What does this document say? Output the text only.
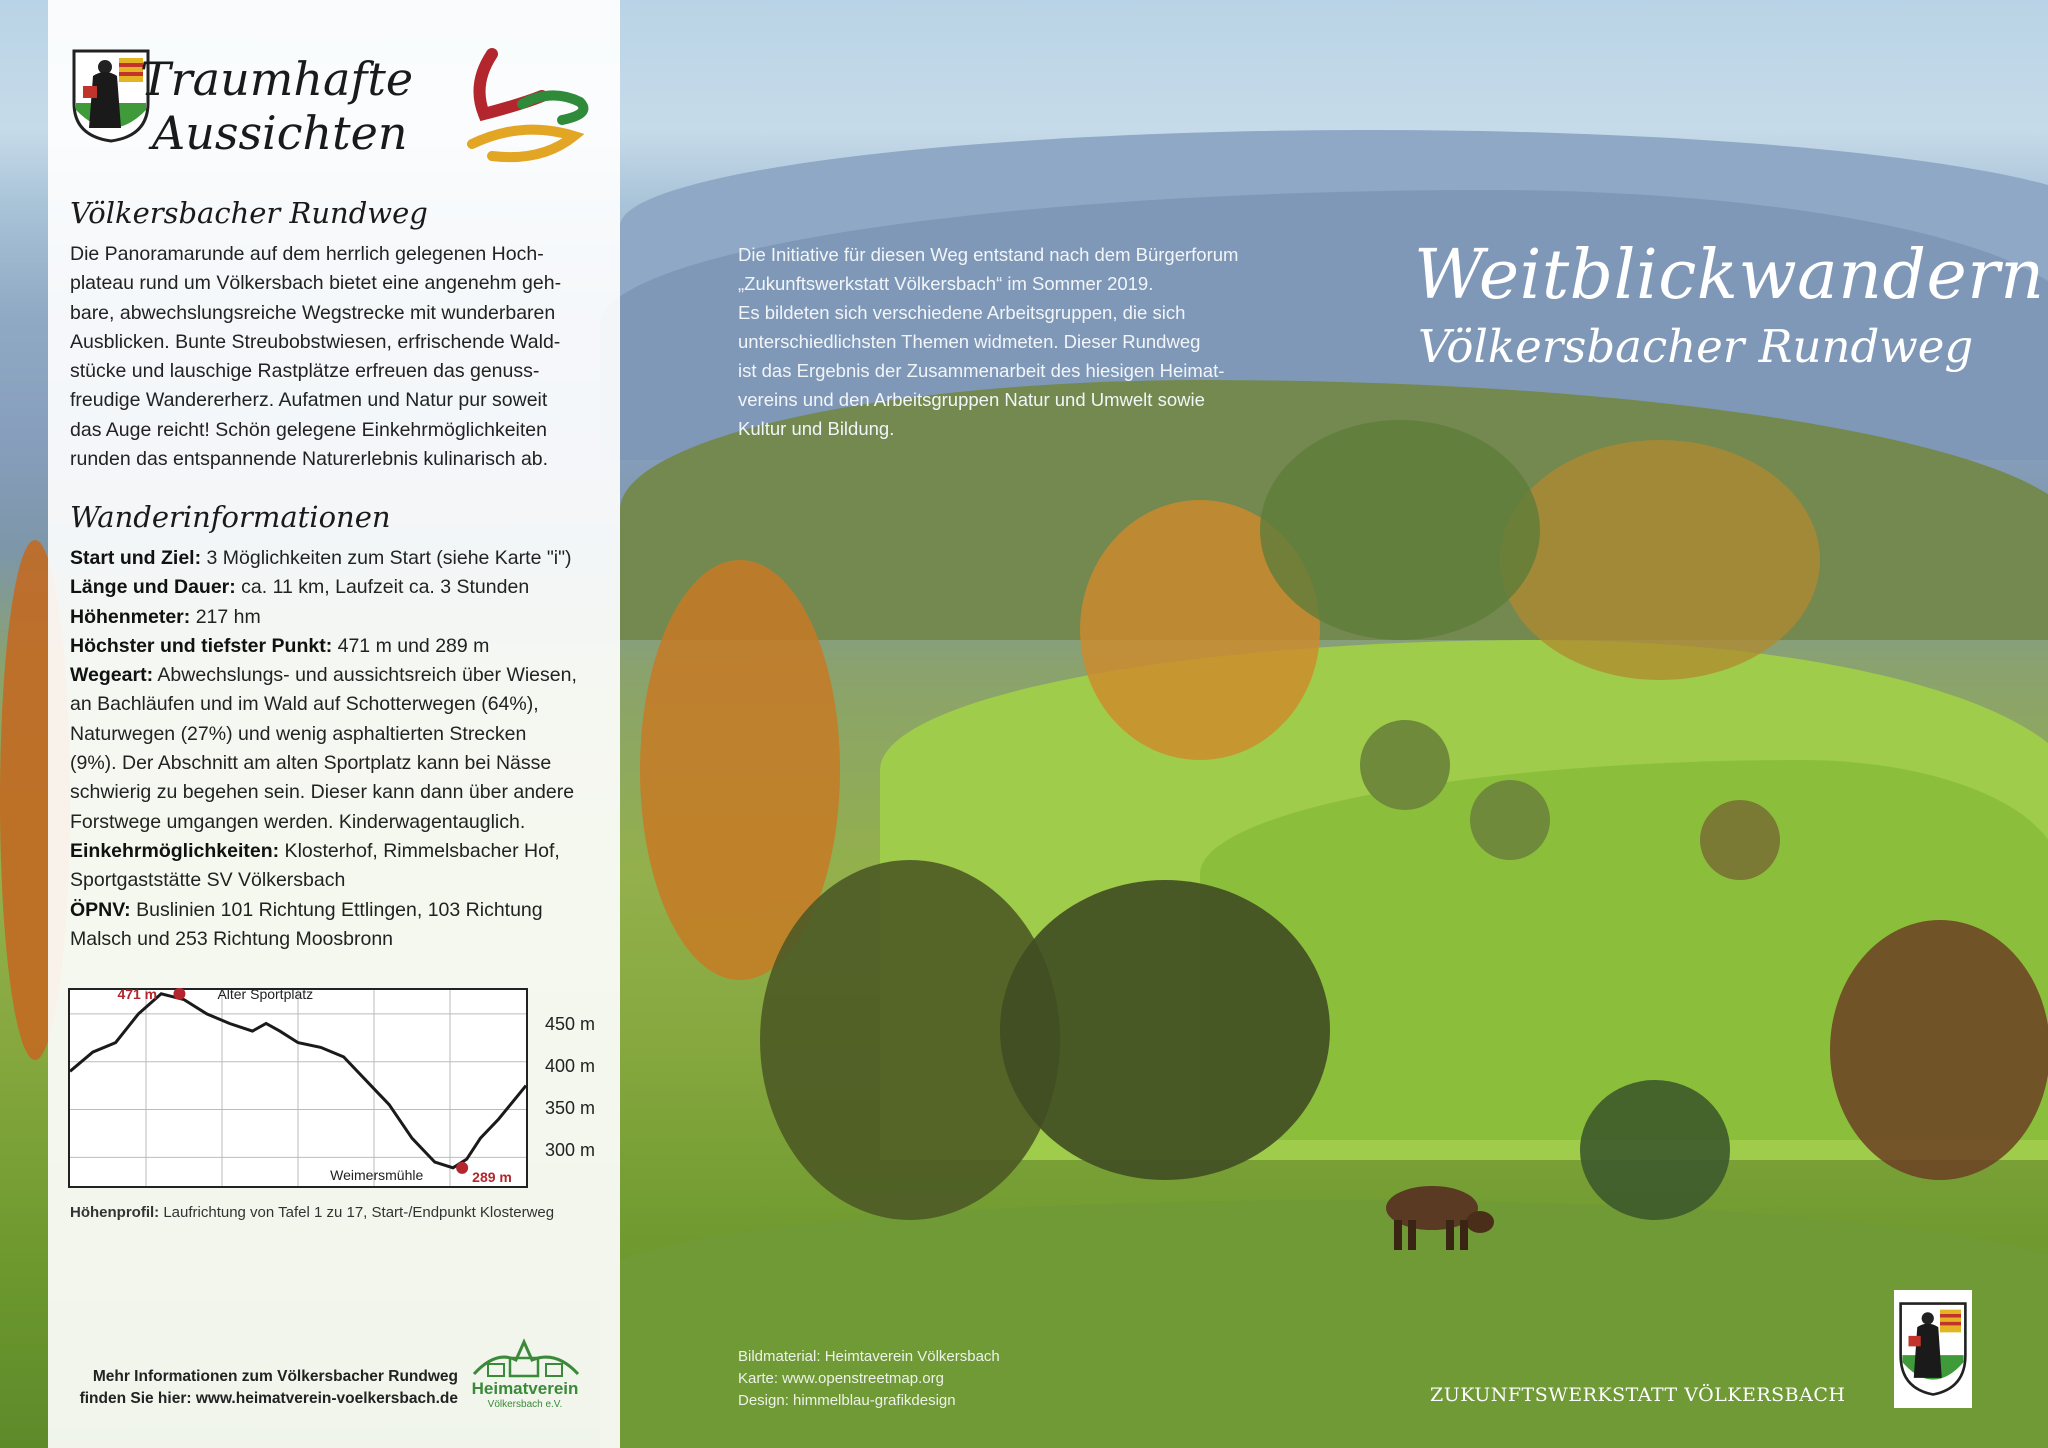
Die Initiative für diesen Weg entstand nach dem Bürgerforum
„Zukunftswerkstatt Völkersbach“ im Sommer 2019.
Es bildeten sich verschiedene Arbeitsgruppen, die sich
unterschiedlichsten Themen widmeten. Dieser Rundweg
ist das Ergebnis der Zusammenarbeit des hiesigen Heimat-
vereins und den Arbeitsgruppen Natur und Umwelt sowie
Kultur und Bildung.
Weitblickwandern
Völkersbacher Rundweg
Bildmaterial: Heimtaverein Völkersbach
Karte: www.openstreetmap.org
Design: himmelblau-grafikdesign	ZUKUNFTSWERKSTATT VÖLKERSBACH
Traumhafte
Aussichten
Völkersbacher Rundweg

Die Panoramarunde auf dem herrlich gelegenen Hoch-

plateau rund um Völkersbach bietet eine angenehm geh-

bare, abwechslungsreiche Wegstrecke mit wunderbaren

Ausblicken. Bunte Streubobstwiesen, erfrischende Wald-

stücke und lauschige Rastplätze erfreuen das genuss-

freudige Wandererherz. Aufatmen und Natur pur soweit

das Auge reicht! Schön gelegene Einkehrmöglichkeiten

runden das entspannende Naturerlebnis kulinarisch ab.

Wanderinformationen

Start und Ziel: 3 Möglichkeiten zum Start (siehe Karte "i")

Länge und Dauer: ca. 11 km, Laufzeit ca. 3 Stunden

Höhenmeter: 217 hm

Höchster und tiefster Punkt: 471 m und 289 m

Wegeart: Abwechslungs- und aussichtsreich über Wiesen,

an Bachläufen und im Wald auf Schotterwegen (64%),

Naturwegen (27%) und wenig asphaltierten Strecken

(9%). Der Abschnitt am alten Sportplatz kann bei Nässe

schwierig zu begehen sein. Dieser kann dann über andere

Forstwege umgangen werden. Kinderwagentauglich.

Einkehrmöglichkeiten: Klosterhof, Rimmelsbacher Hof,

Sportgaststätte SV Völkersbach

ÖPNV: Buslinien 101 Richtung Ettlingen, 103 Richtung

Malsch und 253 Richtung Moosbronn

471 m	Alter Sportplatz
Weimersmühle	289 m
450 m
400 m
350 m
300 m
Höhenprofil: Laufrichtung von Tafel 1 zu 17, Start-/Endpunkt Klosterweg
Mehr Informationen zum Völkersbacher Rundweg
finden Sie hier: www.heimatverein-voelkersbach.de
Heimatverein
Völkersbach e.V.
